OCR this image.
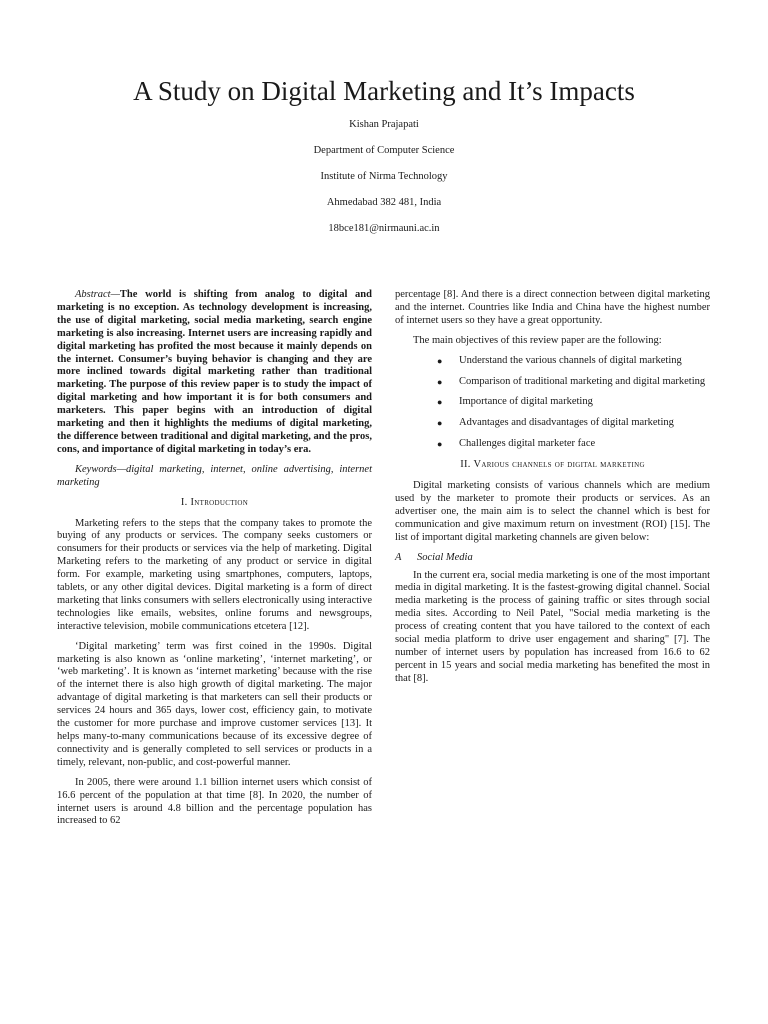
A Study on Digital Marketing and It’s Impacts
Kishan Prajapati
Department of Computer Science
Institute of Nirma Technology
Ahmedabad 382 481, India
18bce181@nirmauni.ac.in

Abstract—The world is shifting from analog to digital and marketing is no exception. As technology development is increasing, the use of digital marketing, social media marketing, search engine marketing is also increasing. Internet users are increasing rapidly and digital marketing has profited the most because it mainly depends on the internet. Consumer’s buying behavior is changing and they are more inclined towards digital marketing rather than traditional marketing. The purpose of this review paper is to study the impact of digital marketing and how important it is for both consumers and marketers. This paper begins with an introduction of digital marketing and then it highlights the mediums of digital marketing, the difference between traditional and digital marketing, and the pros, cons, and importance of digital marketing in today’s era.

Keywords—digital marketing, internet, online advertising, internet marketing

I. Introduction

Marketing refers to the steps that the company takes to promote the buying of any products or services. The company seeks customers or consumers for their products or services via the help of marketing. Digital Marketing refers to the marketing of any product or service in digital form. For example, marketing using smartphones, computers, laptops, tablets, or any other digital devices. Digital marketing is a form of direct marketing that links consumers with sellers electronically using interactive technologies like emails, websites, online forums and newsgroups, interactive television, mobile communications etcetera [12].

‘Digital marketing’ term was first coined in the 1990s. Digital marketing is also known as ‘online marketing’, ‘internet marketing’, or ‘web marketing’. It is known as ‘internet marketing’ because with the rise of the internet there is also high growth of digital marketing. The major advantage of digital marketing is that marketers can sell their products or services 24 hours and 365 days, lower cost, efficiency gain, to motivate the customer for more purchase and improve customer services [13]. It helps many-to-many communications because of its excessive degree of connectivity and is generally completed to sell services or products in a timely, relevant, non-public, and cost-powerful manner.

In 2005, there were around 1.1 billion internet users which consist of 16.6 percent of the population at that time [8]. In 2020, the number of internet users is around 4.8 billion and the percentage population has increased to 62

percentage [8]. And there is a direct connection between digital marketing and the internet. Countries like India and China have the highest number of internet users so they have a great opportunity.

The main objectives of this review paper are the following:

● Understand the various channels of digital marketing
● Comparison of traditional marketing and digital marketing
● Importance of digital marketing
● Advantages and disadvantages of digital marketing
● Challenges digital marketer face
II. Various channels of digital marketing

Digital marketing consists of various channels which are medium used by the marketer to promote their products or services. As an advertiser one, the main aim is to select the channel which is best for communication and give maximum return on investment (ROI) [15]. The list of important digital marketing channels are given below:

A Social Media

In the current era, social media marketing is one of the most important media in digital marketing. It is the fastest-growing digital channel. Social media marketing is the process of gaining traffic or sites through social media sites. According to Neil Patel, "Social media marketing is the process of creating content that you have tailored to the context of each social media platform to drive user engagement and sharing" [7]. The number of internet users by population has increased from 16.6 to 62 percent in 15 years and social media marketing has benefited the most in that [8].
